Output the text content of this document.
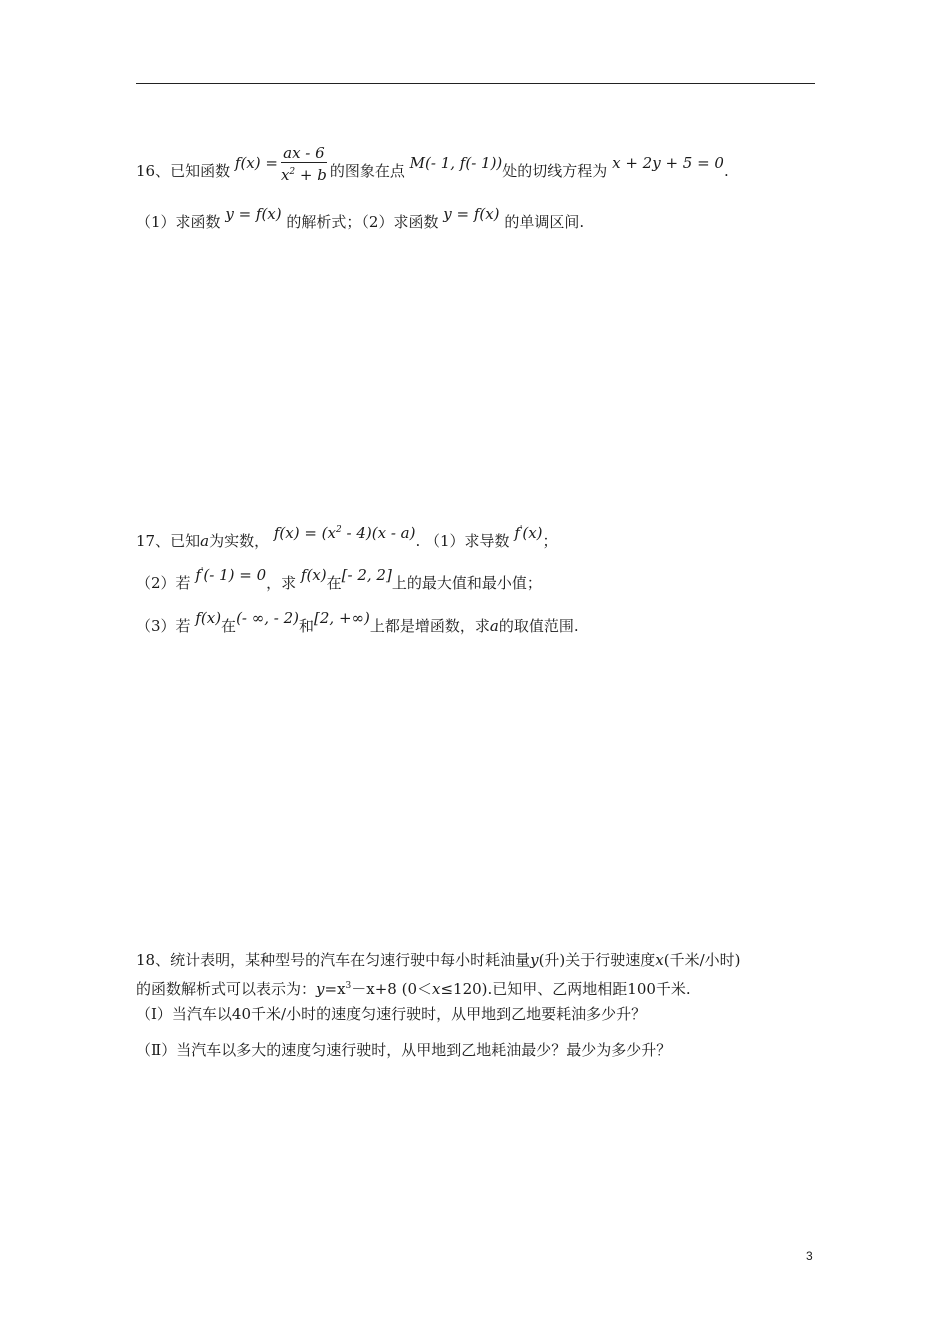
16、已知函数 $f(x) = \frac{ax - 6}{x^2 + b}$ 的图象在点 M(- 1, f(- 1))处的切线方程为 x + 2y + 5 = 0.
（1）求函数 y = f(x) 的解析式；（2）求函数 y = f(x) 的单调区间.
17、已知a为实数， $f(x) = (x^2 - 4)(x - a)$. （1）求导数 f'(x)；
（2）若 f'(- 1) = 0，求 f(x)在[- 2, 2]上的最大值和最小值；
（3）若 f(x)在(- ∞, - 2)和[2, +∞)上都是增函数，求a的取值范围.
18、统计表明，某种型号的汽车在匀速行驶中每小时耗油量y(升)关于行驶速度x(千米/小时)
的函数解析式可以表示为：$y=x^3-x+8$ (0＜x≤120).已知甲、乙两地相距100千米.
（Ⅰ）当汽车以40千米/小时的速度匀速行驶时，从甲地到乙地要耗油多少升？
（Ⅱ）当汽车以多大的速度匀速行驶时，从甲地到乙地耗油最少？最少为多少升？
3
